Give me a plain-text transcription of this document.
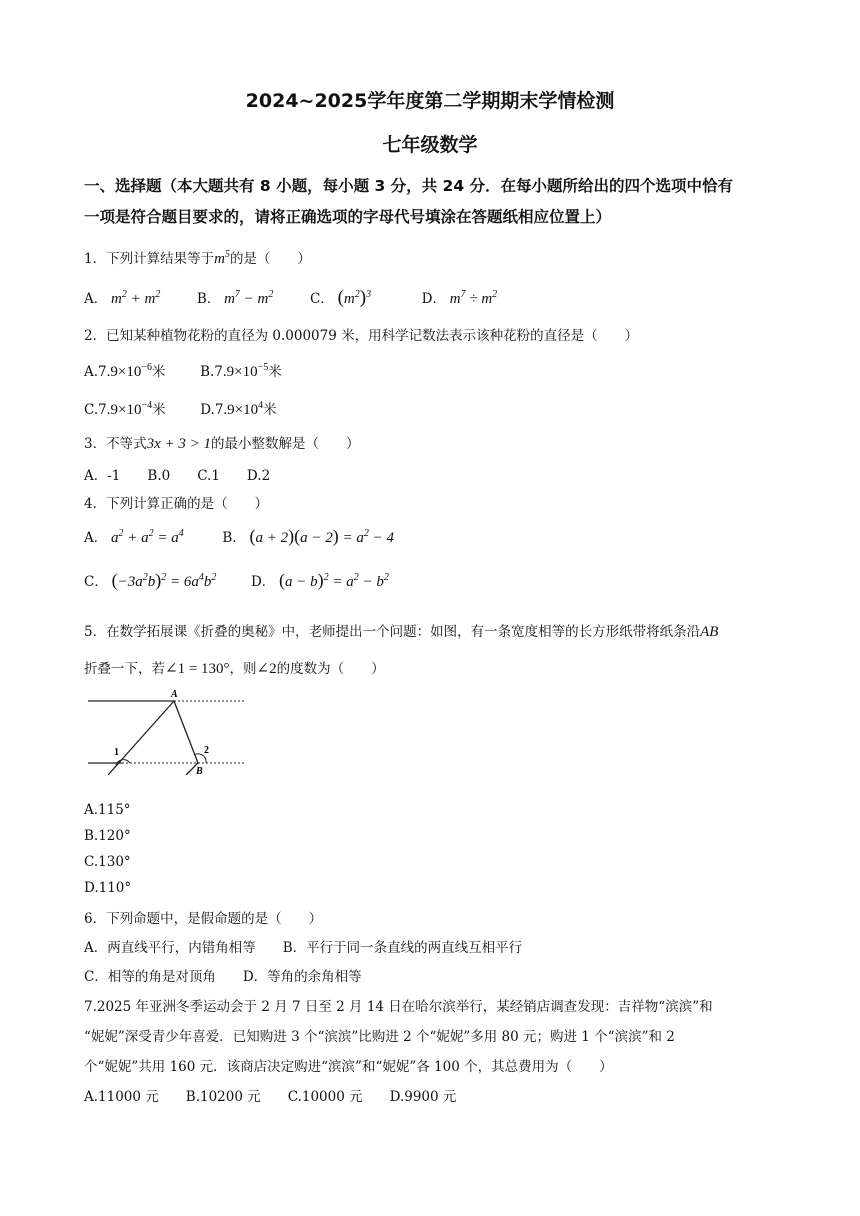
2024~2025学年度第二学期期末学情检测
七年级数学
一、选择题（本大题共有 8 小题，每小题 3 分，共 24 分．在每小题所给出的四个选项中恰有
一项是符合题目要求的，请将正确选项的字母代号填涂在答题纸相应位置上）
1．下列计算结果等于$m^5$的是（　　）
A． $m^2 + m^2$	B． $m^7 - m^2$	C． $(m^2)^3$	D． $m^7 \div m^2$
2．已知某种植物花粉的直径为 0.000079 米，用科学记数法表示该种花粉的直径是（　　）
$A.7.9\times 10^{-6}$米	$B.7.9\times 10^{-5}$米
$C.7.9\times 10^{-4}$米	$D.7.9\times 10^4$米
3．不等式3x + 3 > 1的最小整数解是（　　）
A．-1　　B.0　　C.1　　D.2
4．下列计算正确的是（　　）
A． $a^2 + a^2 = a^4$	B． $(a + 2)(a - 2) = a^2 - 4$
C． $(-3a^2b)^2 = 6a^4b^2$	D． $(a - b)^2 = a^2 - b^2$
5．在数学拓展课《折叠的奥秘》中，老师提出一个问题：如图，有一条宽度相等的长方形纸带将纸条沿AB
折叠一下，若∠1 = 130°，则∠2的度数为（　　）
A
B
1	2
A.115°
B.120°
C.130°
D.110°
6．下列命题中，是假命题的是（　　）
A．两直线平行，内错角相等　　B．平行于同一条直线的两直线互相平行
C．相等的角是对顶角　　D．等角的余角相等
7.2025 年亚洲冬季运动会于 2 月 7 日至 2 月 14 日在哈尔滨举行，某经销店调查发现：吉祥物“滨滨”和
“妮妮”深受青少年喜爱．已知购进 3 个“滨滨”比购进 2 个“妮妮”多用 80 元；购进 1 个“滨滨”和 2
个“妮妮”共用 160 元．该商店决定购进“滨滨”和“妮妮”各 100 个，其总费用为（　　）
A.11000 元　　B.10200 元　　C.10000 元　　D.9900 元
